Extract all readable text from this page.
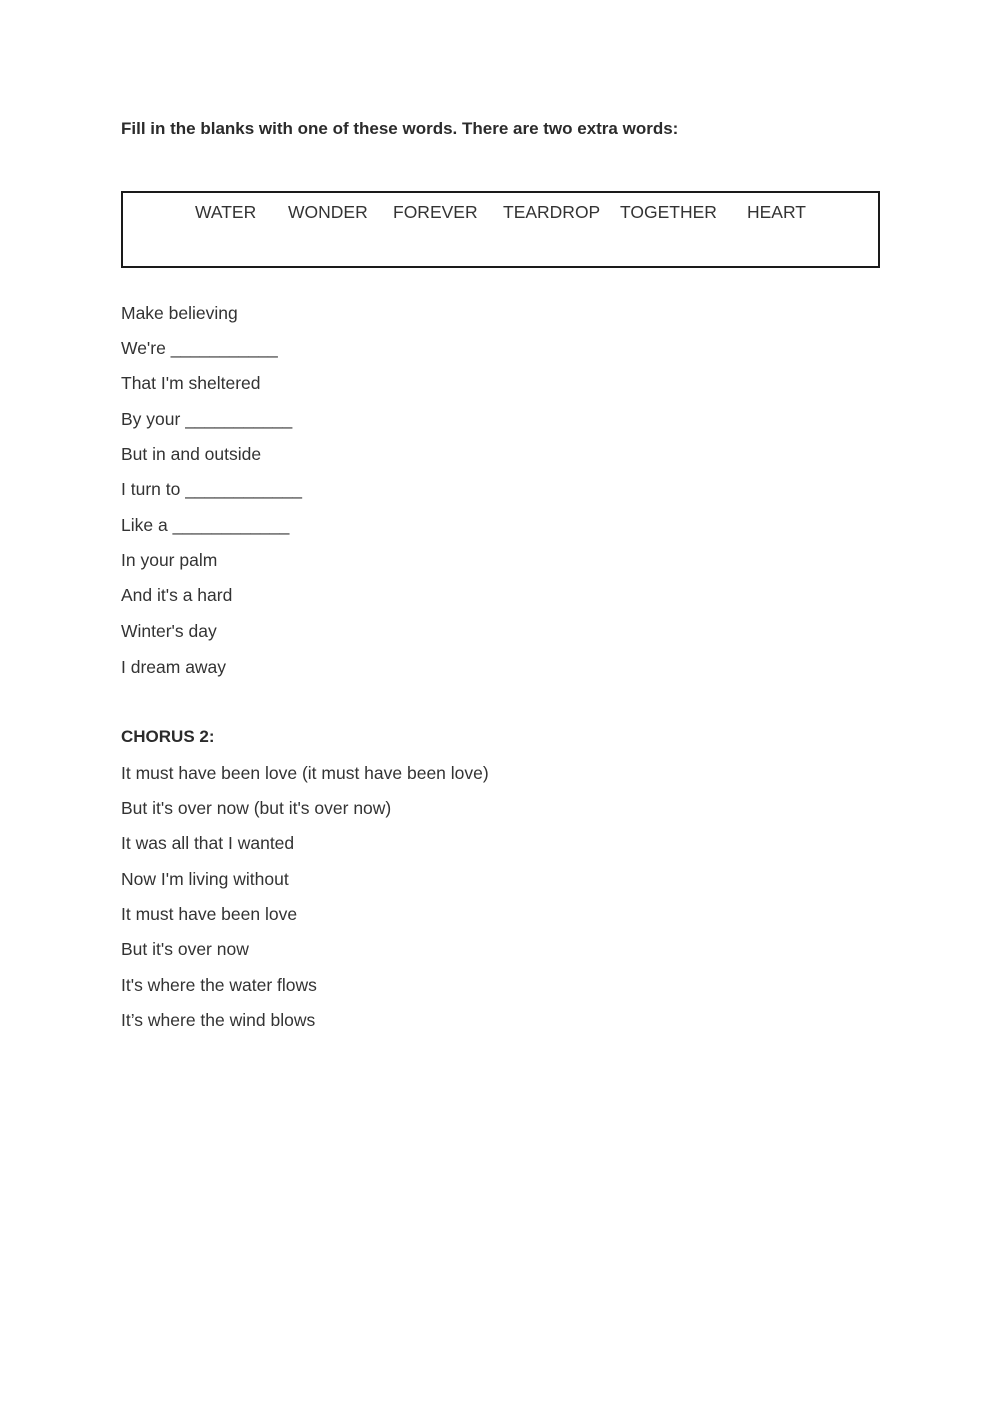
Fill in the blanks with one of these words. There are two extra words:
WATER WONDER FOREVER TEARDROP TOGETHER HEART
Make believing
We're ___________
That I'm sheltered
By your ___________
But in and outside
I turn to ____________
Like a ____________
In your palm
And it's a hard
Winter's day
I dream away
CHORUS 2:
It must have been love (it must have been love)
But it's over now (but it's over now)
It was all that I wanted
Now I'm living without
It must have been love
But it's over now
It's where the water flows
It’s where the wind blows
